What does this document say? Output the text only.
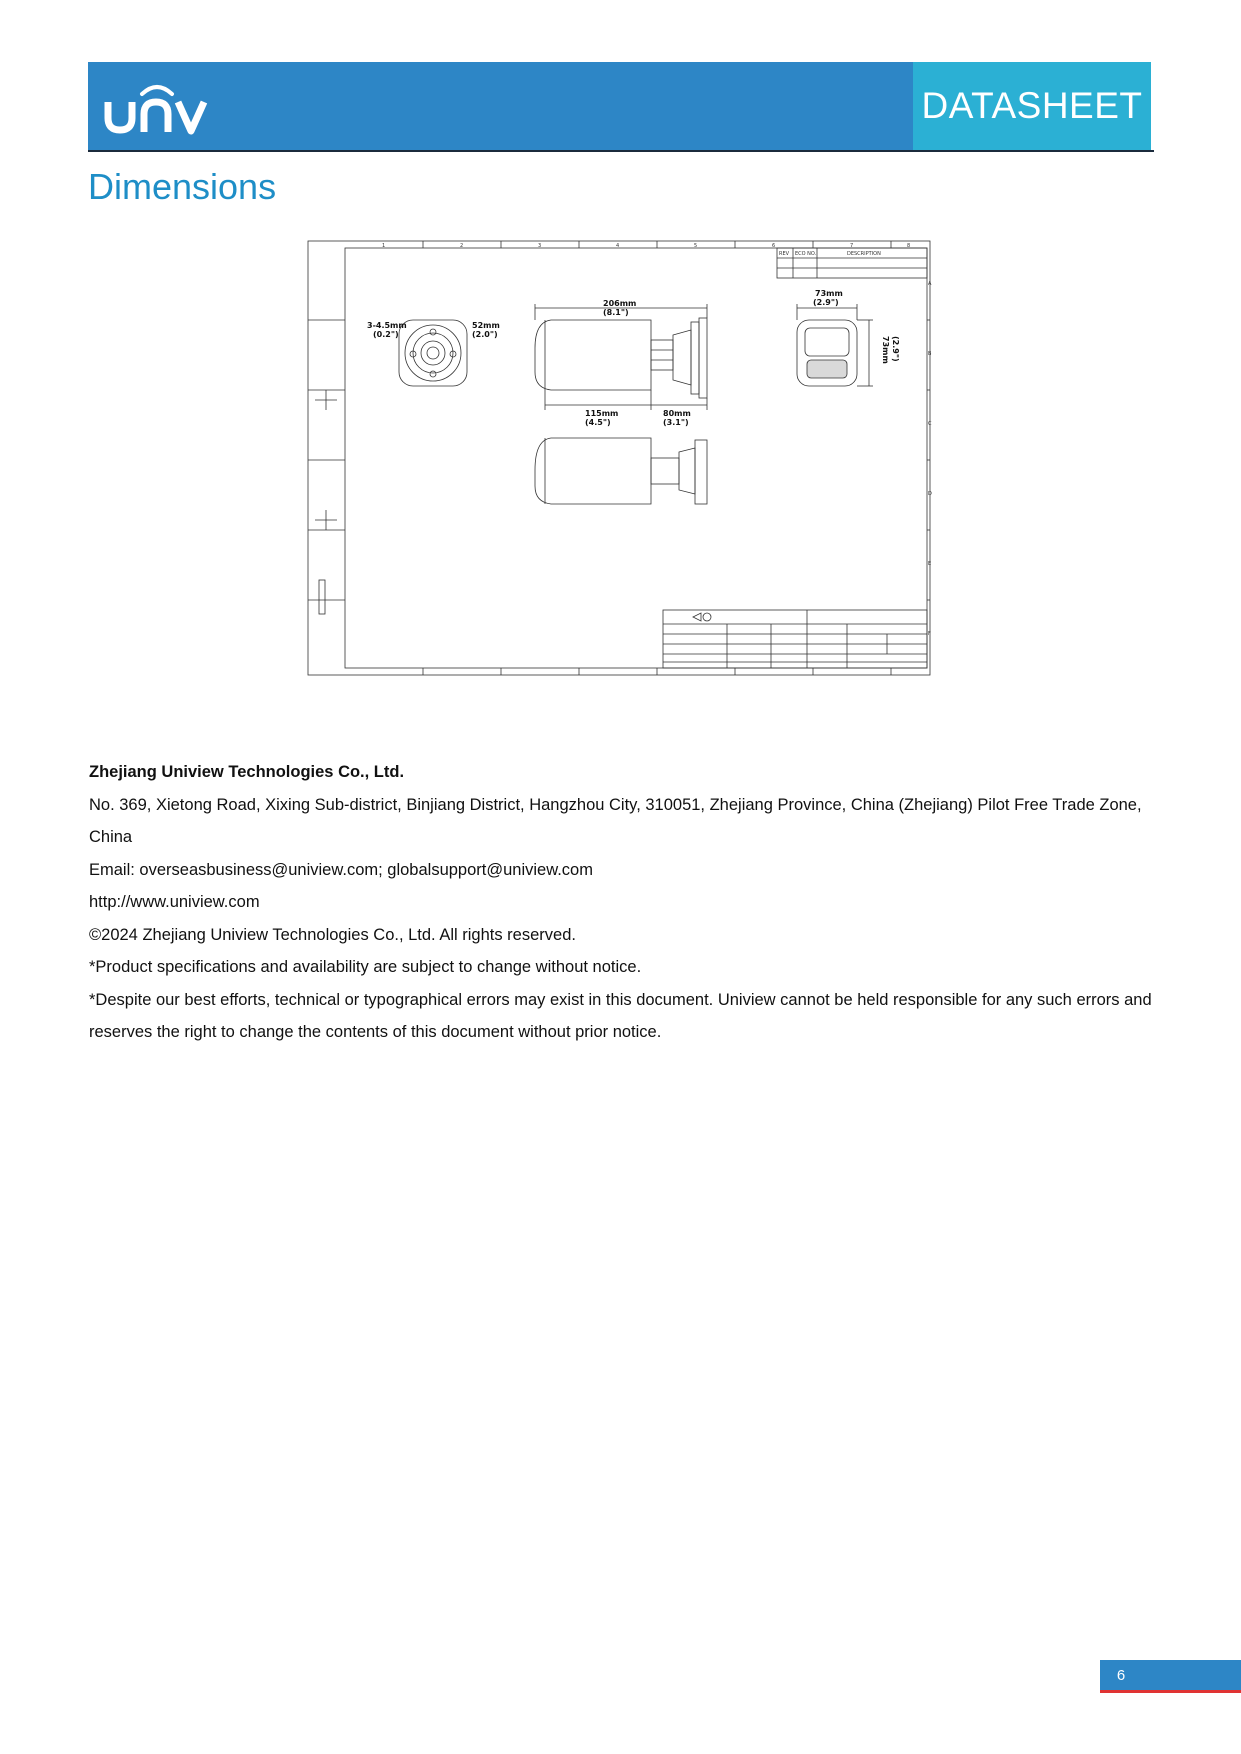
DATASHEET
Dimensions
REV ECO NO.	DESCRIPTION
1	2	3	4	5	6	7	8
A
B
C
D
E
F
3-4.5mm
(0.2")
52mm
(2.0")
206mm
(8.1")
115mm
(4.5")
80mm
(3.1")
73mm
(2.9")
73mm (2.9")

Zhejiang Uniview Technologies Co., Ltd.

No. 369, Xietong Road, Xixing Sub-district, Binjiang District, Hangzhou City, 310051, Zhejiang Province, China (Zhejiang) Pilot Free Trade Zone, China

Email: overseasbusiness@uniview.com; globalsupport@uniview.com

http://www.uniview.com

©2024 Zhejiang Uniview Technologies Co., Ltd. All rights reserved.

*Product specifications and availability are subject to change without notice.

*Despite our best efforts, technical or typographical errors may exist in this document. Uniview cannot be held responsible for any such errors and reserves the right to change the contents of this document without prior notice.

6
